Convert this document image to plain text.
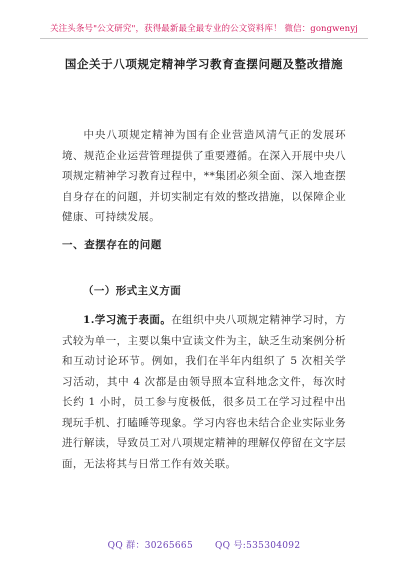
关注头条号"公文研究"，获得最新最全最专业的公文资料库！ 微信：gongwenyj
国企关于八项规定精神学习教育查摆问题及整改措施

中央八项规定精神为国有企业营造风清气正的发展环境、规范企业运营管理提供了重要遵循。在深入开展中央八项规定精神学习教育过程中，**集团必须全面、深入地查摆自身存在的问题，并切实制定有效的整改措施，以保障企业健康、可持续发展。

一、查摆存在的问题
（一）形式主义方面

1.学习流于表面。在组织中央八项规定精神学习时，方式较为单一，主要以集中宣读文件为主，缺乏生动案例分析和互动讨论环节。例如，我们在半年内组织了 5 次相关学习活动，其中 4 次都是由领导照本宣科地念文件，每次时长约 1 小时，员工参与度极低，很多员工在学习过程中出现玩手机、打瞌睡等现象。学习内容也未结合企业实际业务进行解读，导致员工对八项规定精神的理解仅停留在文字层面，无法将其与日常工作有效关联。

QQ 群：30265665 QQ 号:535304092
